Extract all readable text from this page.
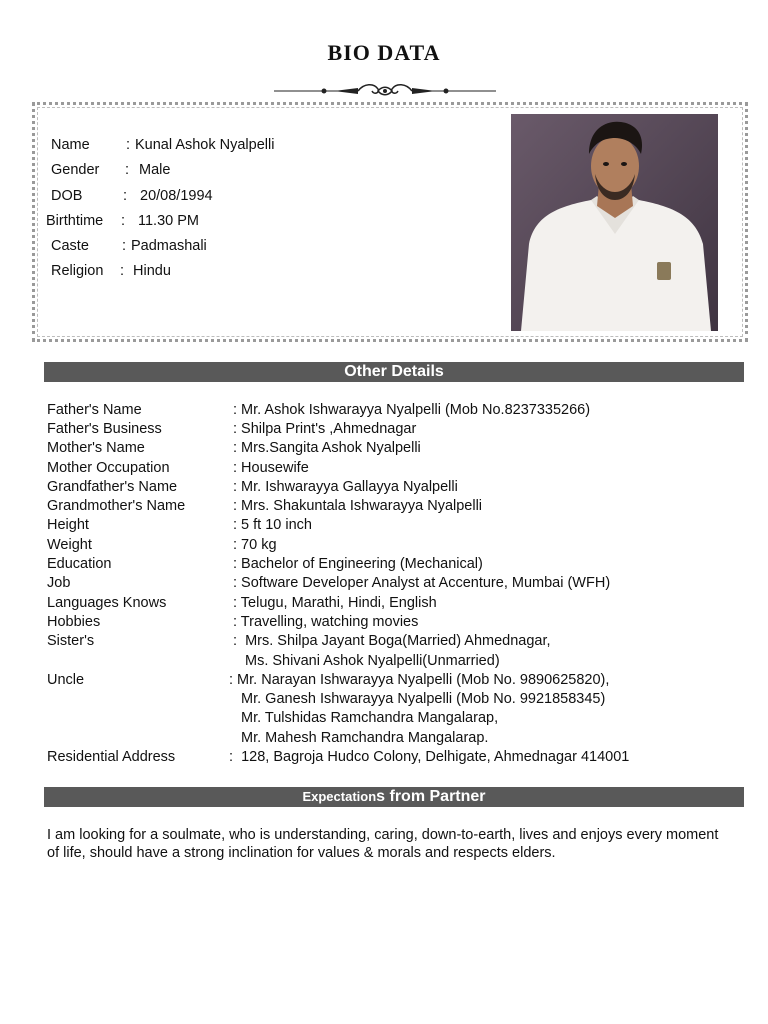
BIO DATA
Name	: Kunal Ashok Nyalpelli
Gender : Male
DOB	: 20/08/1994
Birthtime : 11.30 PM
Caste : Padmashali
Religion : Hindu
Other Details
Father's Name	: Mr. Ashok Ishwarayya Nyalpelli (Mob No.8237335266)
Father's Business	: Shilpa Print's ,Ahmednagar
Mother's Name	: Mrs.Sangita Ashok Nyalpelli
Mother Occupation	: Housewife
Grandfather's Name	: Mr. Ishwarayya Gallayya Nyalpelli
Grandmother's Name	: Mrs. Shakuntala Ishwarayya Nyalpelli
Height	: 5 ft 10 inch
Weight	: 70 kg
Education	: Bachelor of Engineering (Mechanical)
Job	: Software Developer Analyst at Accenture, Mumbai (WFH)
Languages Knows	: Telugu, Marathi, Hindi, English
Hobbies	: Travelling, watching movies
Sister's	:  Mrs. Shilpa Jayant Boga(Married) Ahmednagar,
Ms. Shivani Ashok Nyalpelli(Unmarried)
Uncle	: Mr. Narayan Ishwarayya Nyalpelli (Mob No. 9890625820),
Mr. Ganesh Ishwarayya Nyalpelli (Mob No. 9921858345)
Mr. Tulshidas Ramchandra Mangalarap,
Mr. Mahesh Ramchandra Mangalarap.
Residential Address	:  128, Bagroja Hudco Colony, Delhigate, Ahmednagar 414001
Expectations from Partner
I am looking for a soulmate, who is understanding, caring, down-to-earth, lives and enjoys every moment of life, should have a strong inclination for values & morals and respects elders.
